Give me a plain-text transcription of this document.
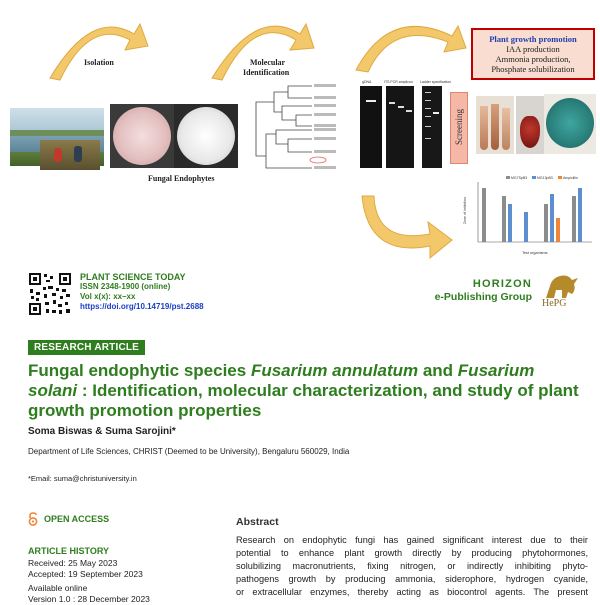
Isolation	Molecular
Identification
Fungal Endophytes
gDNA	ITS PCR amplicon Ladder specification
Screening
Plant growth promotion
IAA production
Ammonia production,
Phosphate solubilization
MG7SpB3	MG13pB3	Ampicillin
Zone of Inhibition
Test organisms
PLANT SCIENCE TODAY
ISSN 2348-1900 (online)
Vol x(x): xx–xx
https://doi.org/10.14719/pst.2688
HORIZON
e-Publishing Group
HePG
RESEARCH ARTICLE
Fungal endophytic species Fusarium annulatum and Fusarium solani : Identification, molecular characterization, and study of plant growth promotion properties
Soma Biswas & Suma Sarojini*
Department of Life Sciences, CHRIST (Deemed to be University), Bengaluru 560029, India
*Email: suma@christuniversity.in
OPEN ACCESS
ARTICLE HISTORY
Received: 25 May 2023
Accepted: 19 September 2023
Available online
Version 1.0 : 28 December 2023
Abstract
Research on endophytic fungi has gained significant interest due to their
potential to enhance plant growth directly by producing phytohormones,
solubilizing macronutrients, fixing nitrogen, or indirectly inhibiting phyto-
pathogens growth by producing ammonia, siderophore, hydrogen cyanide,
or extracellular enzymes, thereby acting as biocontrol agents. The present
